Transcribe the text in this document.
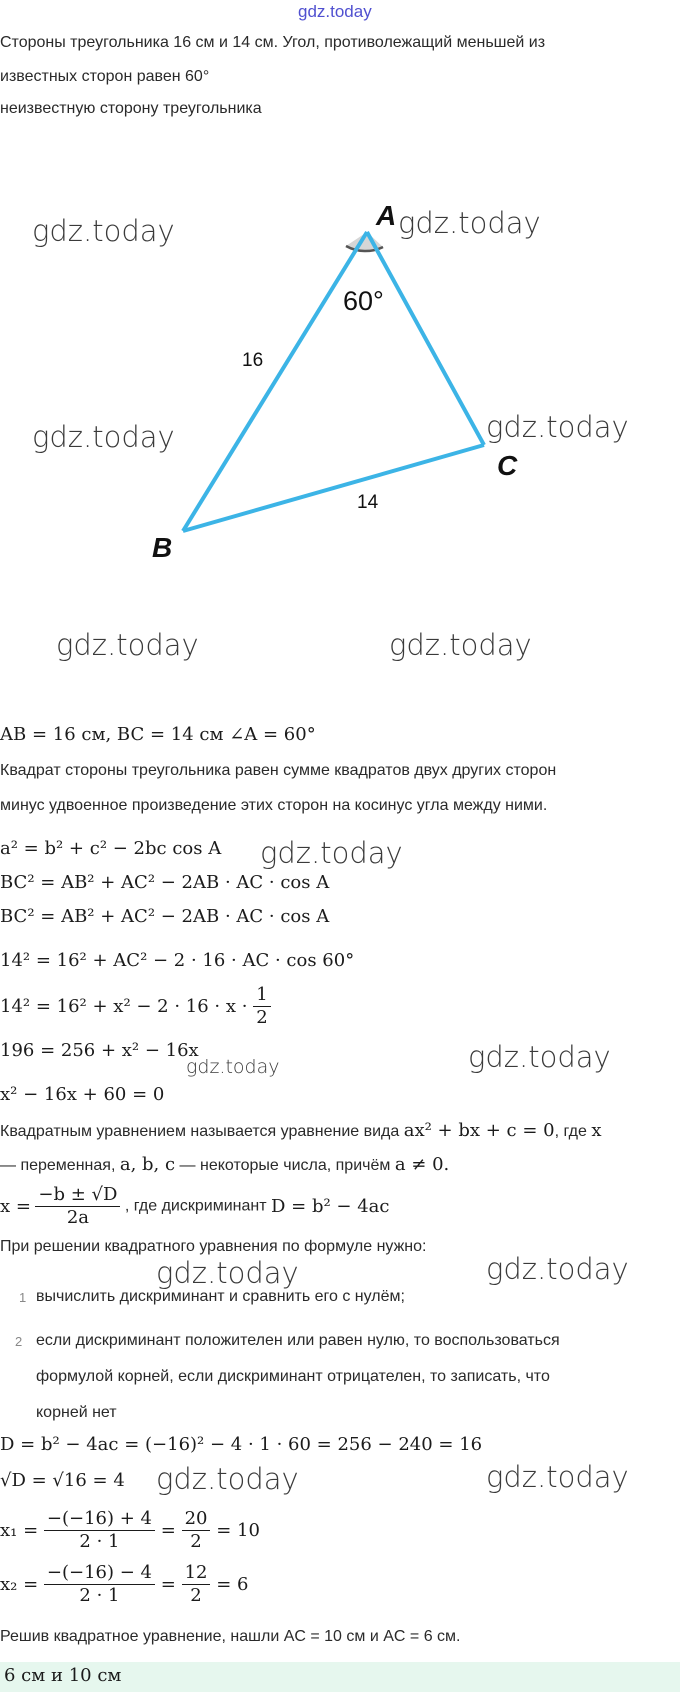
gdz.today
Стороны треугольника 16 см и 14 см. Угол, противолежащий меньшей из
известных сторон равен 60°
неизвестную сторону треугольника
A
B
C
60°
16
14
gdz.today	gdz.today
gdz.today	gdz.today
gdz.today	gdz.today
AB = 16 см, BC = 14 см ∠A = 60°
Квадрат стороны треугольника равен сумме квадратов двух других сторон
минус удвоенное произведение этих сторон на косинус угла между ними.
a² = b² + c² − 2bc cos A gdz.today
BC² = AB² + AC² − 2AB · AC · cos A
BC² = AB² + AC² − 2AB · AC · cos A
14² = 16² + AC² − 2 · 16 · AC · cos 60°
$14^2 = 16^2 + x^2 - 2 \cdot 16 \cdot x \cdot \frac{1}{2}$
196 = 256 + x² − 16x
gdz.today	gdz.today
x² − 16x + 60 = 0
Квадратным уравнением называется уравнение вида ax² + bx + c = 0, где x
— переменная, a, b, c — некоторые числа, причём a ≠ 0.
$x = \frac{-b \pm √D}{2a}$ , где дискриминант D = b² − 4ac
При решении квадратного уравнения по формуле нужно:
gdz.today	gdz.today
1 вычислить дискриминант и сравнить его с нулём;
2 если дискриминант положителен или равен нулю, то воспользоваться
формулой корней, если дискриминант отрицателен, то записать, что
корней нет
D = b² − 4ac = (−16)² − 4 · 1 · 60 = 256 − 240 = 16
√D = √16 = 4 gdz.today	gdz.today
$x_1 = \frac{-(-16) + 4}{2 \cdot 1} = \frac{20}{2} = 10$
$x_2 = \frac{-(-16) - 4}{2 \cdot 1} = \frac{12}{2} = 6$
Решив квадратное уравнение, нашли AC = 10 см и AC = 6 см.
6 см и 10 см
